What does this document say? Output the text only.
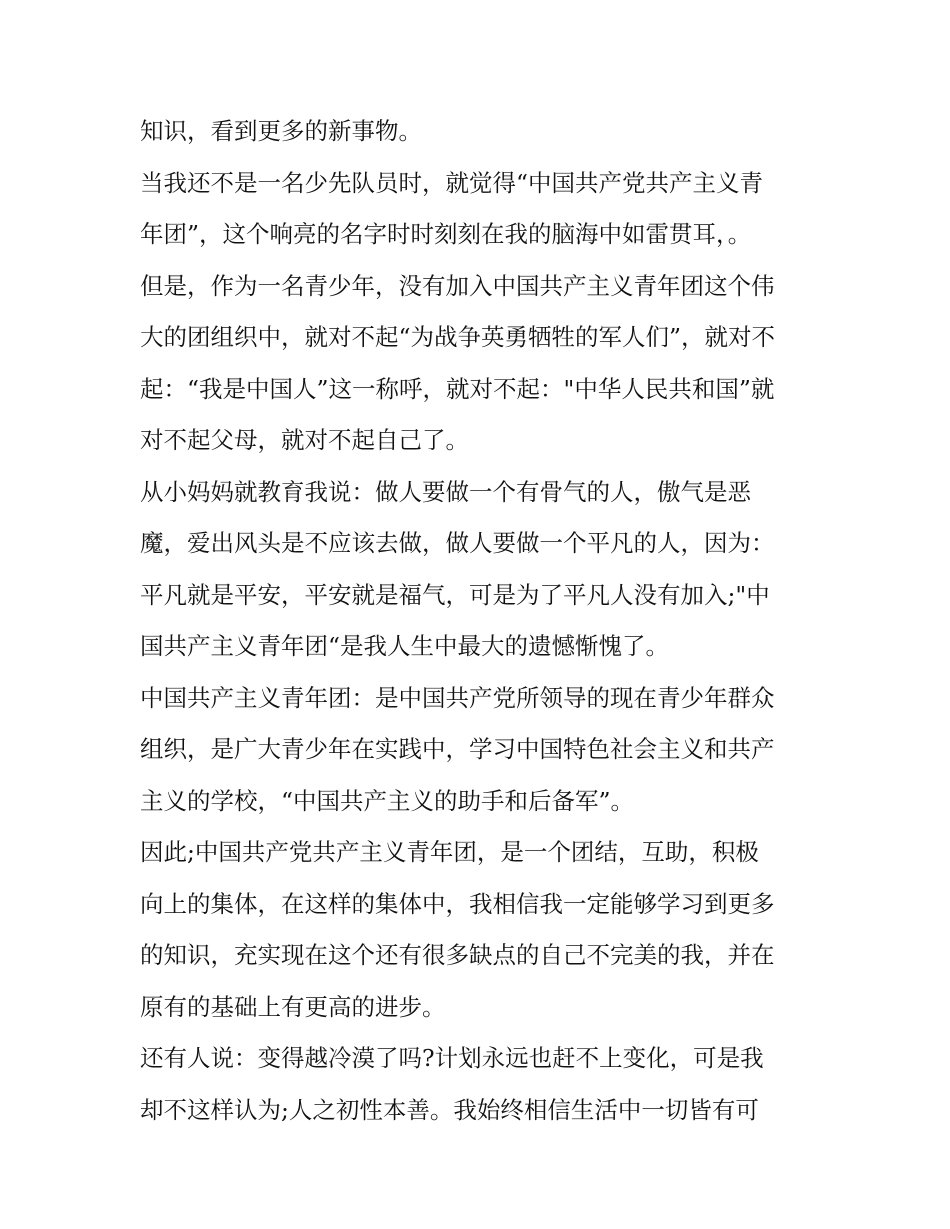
知识，看到更多的新事物。
当我还不是一名少先队员时，就觉得“中国共产党共产主义青
年团”，这个响亮的名字时时刻刻在我的脑海中如雷贯耳，。
但是，作为一名青少年，没有加入中国共产主义青年团这个伟
大的团组织中，就对不起“为战争英勇牺牲的军人们”，就对不
起：“我是中国人”这一称呼，就对不起："中华人民共和国”就
对不起父母，就对不起自己了。
从小妈妈就教育我说：做人要做一个有骨气的人，傲气是恶
魔，爱出风头是不应该去做，做人要做一个平凡的人，因为：
平凡就是平安，平安就是福气，可是为了平凡人没有加入;"中
国共产主义青年团“是我人生中最大的遗憾惭愧了。
中国共产主义青年团：是中国共产党所领导的现在青少年群众
组织，是广大青少年在实践中，学习中国特色社会主义和共产
主义的学校，“中国共产主义的助手和后备军”。
因此;中国共产党共产主义青年团，是一个团结，互助，积极
向上的集体，在这样的集体中，我相信我一定能够学习到更多
的知识，充实现在这个还有很多缺点的自己不完美的我，并在
原有的基础上有更高的进步。
还有人说：变得越冷漠了吗?计划永远也赶不上变化，可是我
却不这样认为;人之初性本善。我始终相信生活中一切皆有可
